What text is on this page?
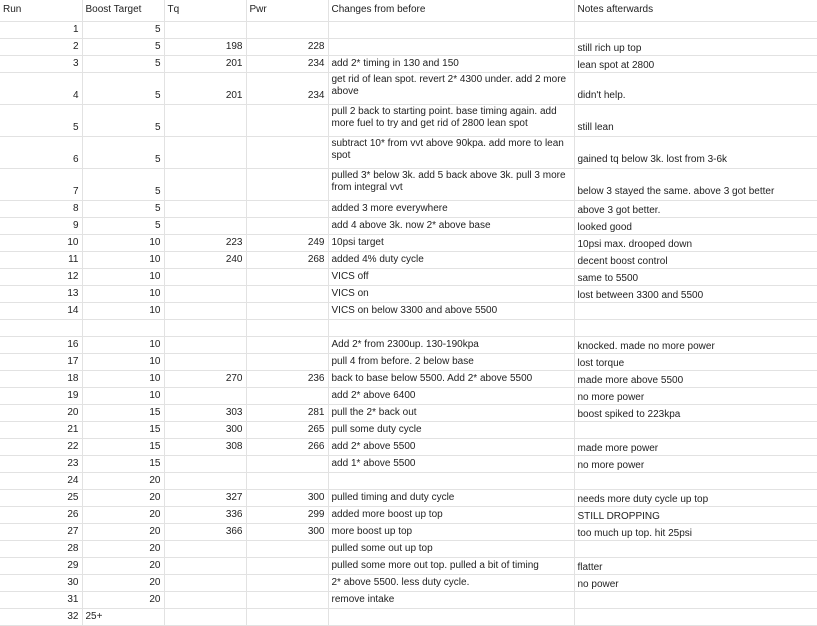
Run	Boost Target	Tq	Pwr	Changes from before	Notes afterwards
1	5				
2	5	198	228		still rich up top
3	5	201	234	add 2* timing in 130 and 150	lean spot at 2800
4	5	201	234	get rid of lean spot. revert 2* 4300 under. add 2 more above	didn't help.
5	5			pull 2 back to starting point. base timing again. add more fuel to try and get rid of 2800 lean spot	still lean
6	5			subtract 10* from vvt above 90kpa. add more to lean spot	gained tq below 3k. lost from 3-6k
7	5			pulled 3* below 3k. add 5 back above 3k. pull 3 more from integral vvt	below 3 stayed the same. above 3 got better
8	5			added 3 more everywhere	above 3 got better.
9	5			add 4 above 3k. now 2* above base	looked good
10	10	223	249	10psi target	10psi max. drooped down
11	10	240	268	added 4% duty cycle	decent boost control
12	10			VICS off	same to 5500
13	10			VICS on	lost between 3300 and 5500
14	10			VICS on below 3300 and above 5500	

16	10			Add 2* from 2300up. 130-190kpa	knocked. made no more power
17	10			pull 4 from before. 2 below base	lost torque
18	10	270	236	back to base below 5500. Add 2* above 5500	made more above 5500
19	10			add 2* above 6400	no more power
20	15	303	281	pull the 2* back out	boost spiked to 223kpa
21	15	300	265	pull some duty cycle	
22	15	308	266	add 2* above 5500	made more power
23	15			add 1* above 5500	no more power
24	20				
25	20	327	300	pulled timing and duty cycle	needs more duty cycle up top
26	20	336	299	added more boost up top	STILL DROPPING
27	20	366	300	more boost up top	too much up top. hit 25psi
28	20			pulled some out up top	
29	20			pulled some more out top. pulled a bit of timing	flatter
30	20			2* above 5500. less duty cycle.	no power
31	20			remove intake	
32	25+				
